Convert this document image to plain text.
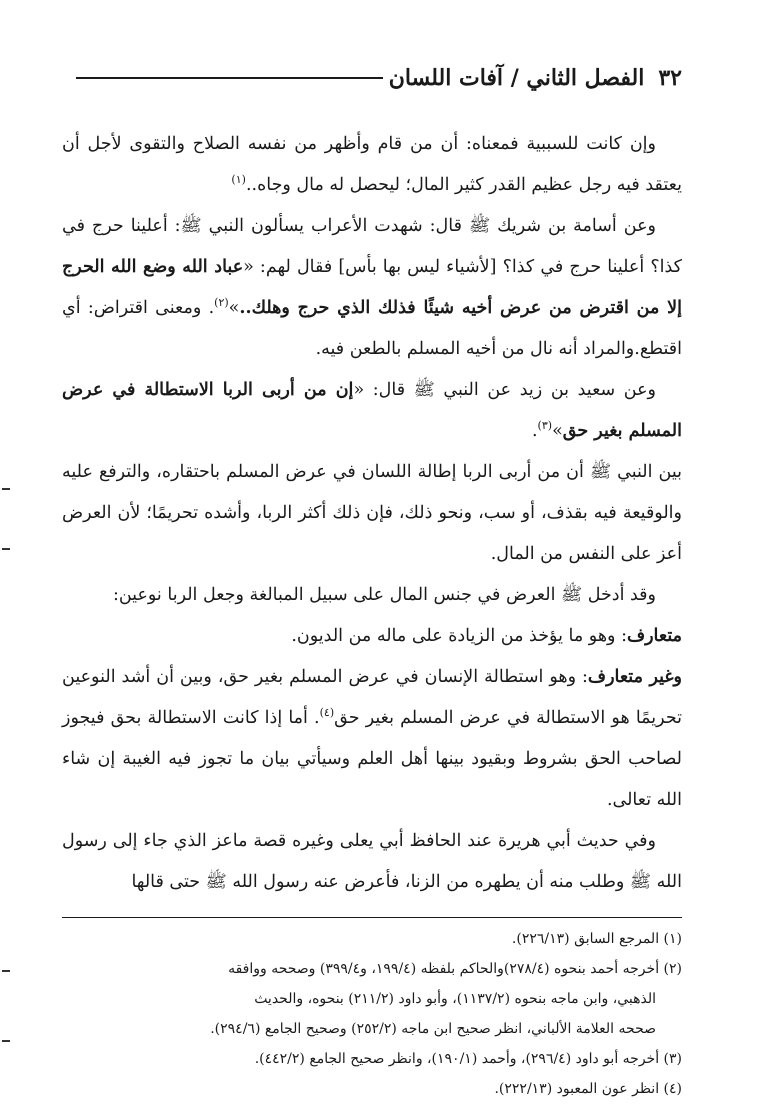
٣٢
الفصل الثاني / آفات اللسان

وإن كانت للسببية فمعناه: أن من قام وأظهر من نفسه الصلاح والتقوى لأجل أن يعتقد فيه رجل عظيم القدر كثير المال؛ ليحصل له مال وجاه..$^{(١)}$

وعن أسامة بن شريك ﷺ قال: شهدت الأعراب يسألون النبي ﷺ: أعلينا حرج في كذا؟ أعلينا حرج في كذا؟ [لأشياء ليس بها بأس] فقال لهم: «عباد الله وضع الله الحرج إلا من اقترض من عرض أخيه شيئًا فذلك الذي حرج وهلك..»$^{(٢)}$. ومعنى اقتراض: أي اقتطع.والمراد أنه نال من أخيه المسلم بالطعن فيه.

وعن سعيد بن زيد عن النبي ﷺ قال: «إن من أربى الربا الاستطالة في عرض المسلم بغير حق»$^{(٣)}$.

بين النبي ﷺ أن من أربى الربا إطالة اللسان في عرض المسلم باحتقاره، والترفع عليه والوقيعة فيه بقذف، أو سب، ونحو ذلك، فإن ذلك أكثر الربا، وأشده تحريمًا؛ لأن العرض أعز على النفس من المال.

وقد أدخل ﷺ العرض في جنس المال على سبيل المبالغة وجعل الربا نوعين:

متعارف: وهو ما يؤخذ من الزيادة على ماله من الديون.

وغير متعارف: وهو استطالة الإنسان في عرض المسلم بغير حق، وبين أن أشد النوعين تحريمًا هو الاستطالة في عرض المسلم بغير حق$^{(٤)}$. أما إذا كانت الاستطالة بحق فيجوز لصاحب الحق بشروط وبقيود بينها أهل العلم وسيأتي بيان ما تجوز فيه الغيبة إن شاء الله تعالى.

وفي حديث أبي هريرة عند الحافظ أبي يعلى وغيره قصة ماعز الذي جاء إلى رسول الله ﷺ وطلب منه أن يطهره من الزنا، فأعرض عنه رسول الله ﷺ حتى قالها

(١) المرجع السابق (٢٢٦/١٣).

(٢) أخرجه أحمد بنحوه (٢٧٨/٤)والحاكم بلفظه (١٩٩/٤، و٣٩٩/٤) وصححه ووافقه

الذهبي، وابن ماجه بنحوه (١١٣٧/٢)، وأبو داود (٢١١/٢) بنحوه، والحديث

صححه العلامة الألباني، انظر صحيح ابن ماجه (٢٥٢/٢) وصحيح الجامع (٢٩٤/٦).

(٣) أخرجه أبو داود (٢٩٦/٤)، وأحمد (١٩٠/١)، وانظر صحيح الجامع (٤٤٢/٢).

(٤) انظر عون المعبود (٢٢٢/١٣).
